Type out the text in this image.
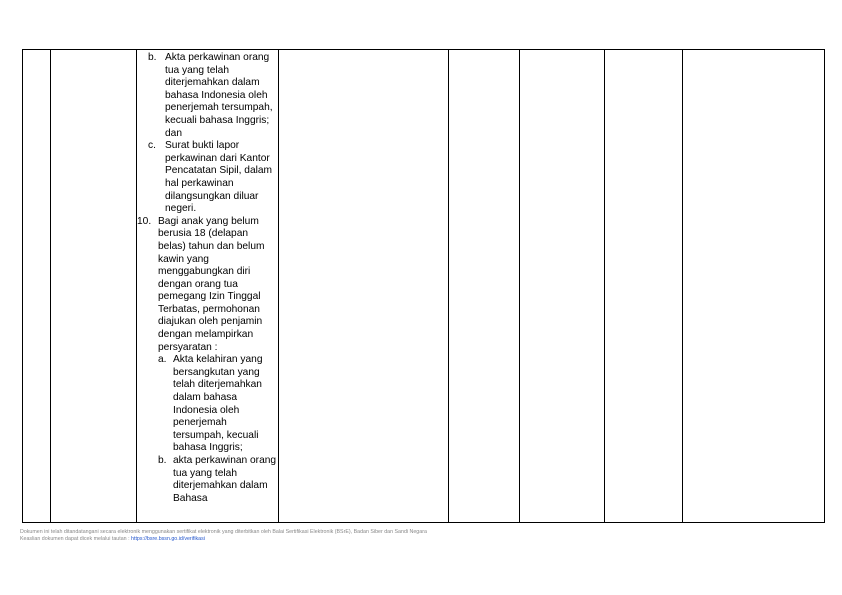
b. Akta perkawinan orang tua yang telah diterjemahkan dalam bahasa Indonesia oleh penerjemah tersumpah, kecuali bahasa Inggris; dan
c. Surat bukti lapor perkawinan dari Kantor Pencatatan Sipil, dalam hal perkawinan dilangsungkan diluar negeri.
10. Bagi anak yang belum berusia 18 (delapan belas) tahun dan belum kawin yang menggabungkan diri dengan orang tua pemegang Izin Tinggal Terbatas, permohonan diajukan oleh penjamin dengan melampirkan persyaratan :
a. Akta kelahiran yang bersangkutan yang telah diterjemahkan dalam bahasa Indonesia oleh penerjemah tersumpah, kecuali bahasa Inggris;
b. akta perkawinan orang tua yang telah diterjemahkan dalam Bahasa

Dokumen ini telah ditandatangani secara elektronik menggunakan sertifikat elektronik yang diterbitkan oleh Balai Sertifikasi Elektronik (BSrE), Badan Siber dan Sandi Negara
Keaslian dokumen dapat dicek melalui tautan : https://bsre.bssn.go.id/verifikasi
